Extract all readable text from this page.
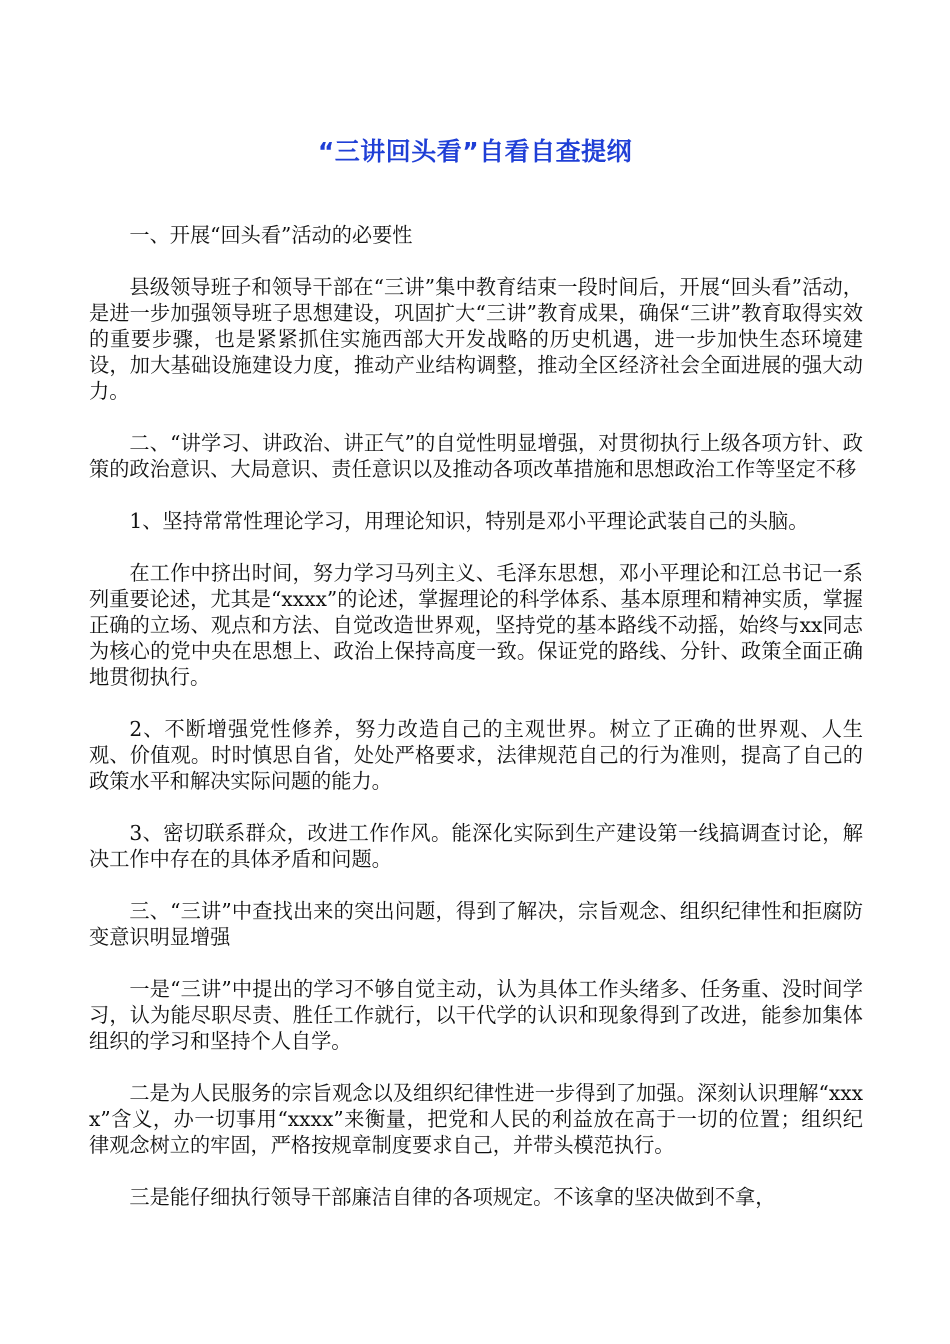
“三讲回头看”自看自查提纲

一、开展“回头看”活动的必要性

县级领导班子和领导干部在“三讲”集中教育结束一段时间后，开展“回头看”活动，是进一步加强领导班子思想建设，巩固扩大“三讲”教育成果，确保“三讲”教育取得实效的重要步骤，也是紧紧抓住实施西部大开发战略的历史机遇，进一步加快生态环境建设，加大基础设施建设力度，推动产业结构调整，推动全区经济社会全面进展的强大动力。

二、“讲学习、讲政治、讲正气”的自觉性明显增强，对贯彻执行上级各项方针、政策的政治意识、大局意识、责任意识以及推动各项改革措施和思想政治工作等坚定不移

1、坚持常常性理论学习，用理论知识，特别是邓小平理论武装自己的头脑。

在工作中挤出时间，努力学习马列主义、毛泽东思想，邓小平理论和江总书记一系列重要论述，尤其是“xxxx”的论述，掌握理论的科学体系、基本原理和精神实质，掌握正确的立场、观点和方法、自觉改造世界观，坚持党的基本路线不动摇，始终与xx同志为核心的党中央在思想上、政治上保持高度一致。保证党的路线、分针、政策全面正确地贯彻执行。

2、不断增强党性修养，努力改造自己的主观世界。树立了正确的世界观、人生观、价值观。时时慎思自省，处处严格要求，法律规范自己的行为准则，提高了自己的政策水平和解决实际问题的能力。

3、密切联系群众，改进工作作风。能深化实际到生产建设第一线搞调查讨论，解决工作中存在的具体矛盾和问题。

三、“三讲”中查找出来的突出问题，得到了解决，宗旨观念、组织纪律性和拒腐防变意识明显增强

一是“三讲”中提出的学习不够自觉主动，认为具体工作头绪多、任务重、没时间学习，认为能尽职尽责、胜任工作就行，以干代学的认识和现象得到了改进，能参加集体组织的学习和坚持个人自学。

二是为人民服务的宗旨观念以及组织纪律性进一步得到了加强。深刻认识理解“xxxx”含义，办一切事用“xxxx”来衡量，把党和人民的利益放在高于一切的位置；组织纪律观念树立的牢固，严格按规章制度要求自己，并带头模范执行。

三是能仔细执行领导干部廉洁自律的各项规定。不该拿的坚决做到不拿，
